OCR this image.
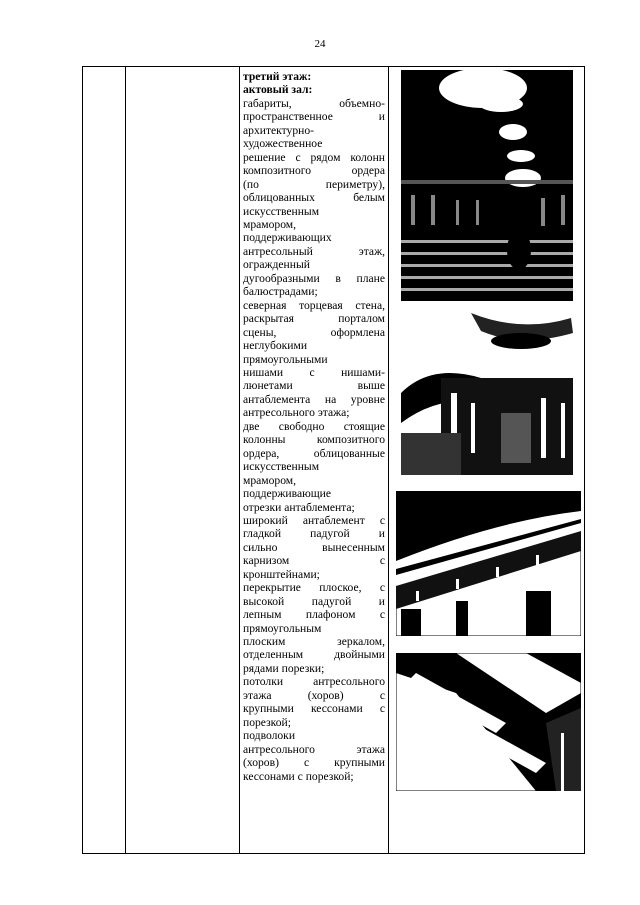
24
третий этаж:
актовый зал:
габариты,	объемно-
пространственное	и
архитектурно-
художественное
решение с рядом колонн
композитного	ордера
(по	периметру),
облицованных	белым
искусственным
мрамором,
поддерживающих
антресольный	этаж,
огражденный
дугообразными в плане
балюстрадами;
северная торцевая стена,
раскрытая	порталом
сцены,	оформлена
неглубокими
прямоугольными
нишами с нишами-
люнетами	выше
антаблемента на уровне
антресольного этажа;
две свободно стоящие
колонны	композитного
ордера,	облицованные
искусственным
мрамором,
поддерживающие
отрезки антаблемента;
широкий антаблемент с
гладкой	падугой	и
сильно	вынесенным
карнизом	с
кронштейнами;
перекрытие плоское, с
высокой падугой и
лепным плафоном с
прямоугольным
плоским	зеркалом,
отделенным	двойными
рядами порезки;
потолки	антресольного
этажа	(хоров)	с
крупными кессонами с
порезкой;
подволоки
антресольного	этажа
(хоров) с крупными
кессонами с порезкой;
